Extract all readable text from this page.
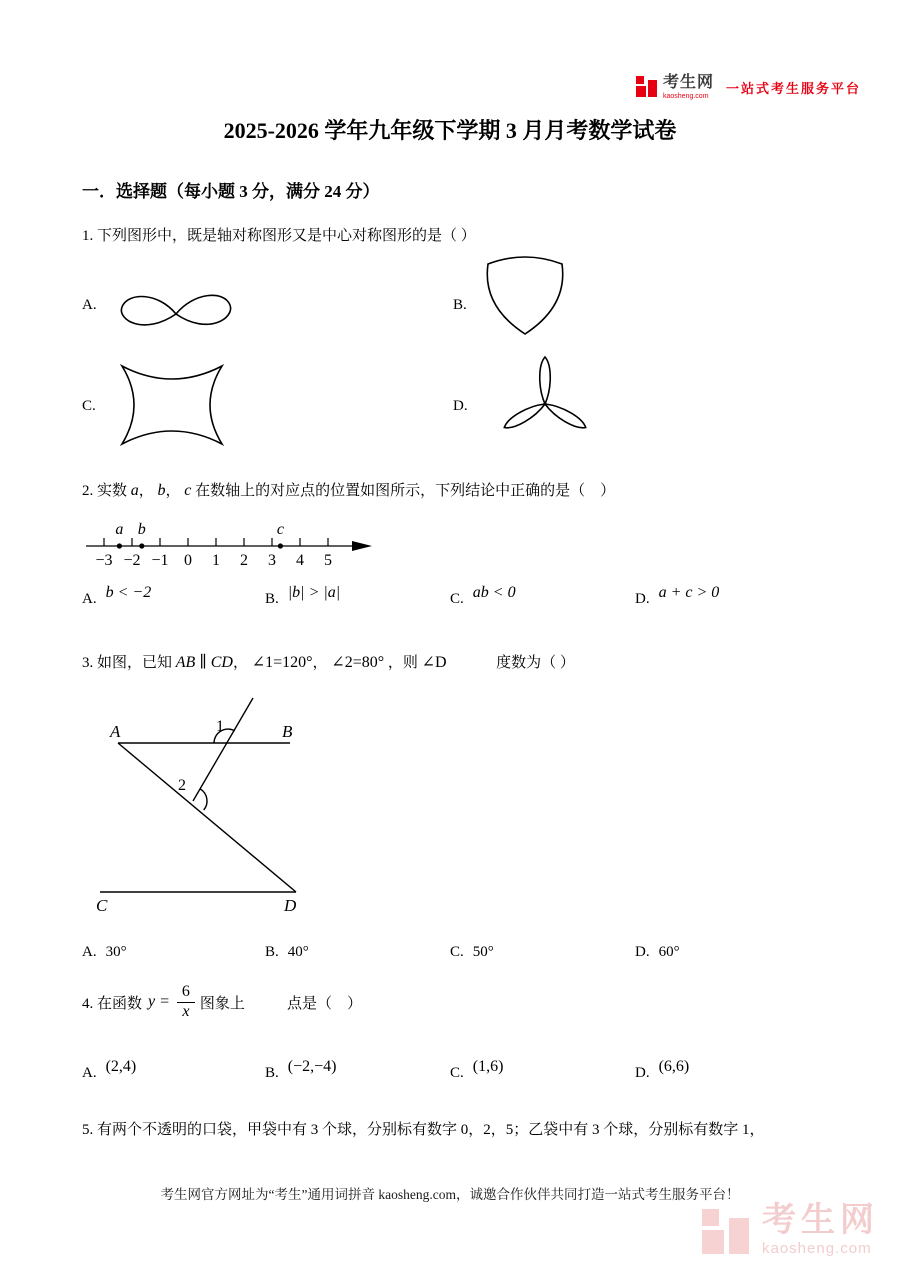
考生网
kaosheng.com
一站式考生服务平台
2025-2026 学年九年级下学期 3 月月考数学试卷
一．选择题（每小题 3 分，满分 24 分）
1. 下列图形中，既是轴对称图形又是中心对称图形的是（ ）
A.	B.
C.	D.
2. 实数 a， b， c 在数轴上的对应点的位置如图所示，下列结论中正确的是（　）
−3 −2 −1 0 1 2 3 4 5
a b	c
A. b < −2	B. |b| > |a|	C. ab < 0	D. a + c > 0
3. 如图，已知 AB ∥ CD， ∠1=120°， ∠2=80° ，则 ∠D	度数为（ ）
A	B
C	D
1
2
A. 30°	B. 40°	C. 50°	D. 60°
4. 在函数 $y = \frac{6}{x}$ 图象上	点是（　）
A. (2,4)	B. (−2,−4)	C. (1,6)	D. (6,6)
5. 有两个不透明的口袋，甲袋中有 3 个球，分别标有数字 0，2，5；乙袋中有 3 个球，分别标有数字 1，
考生网官方网址为“考生”通用词拼音 kaosheng.com，诚邀合作伙伴共同打造一站式考生服务平台！
考生网
kaosheng.com
